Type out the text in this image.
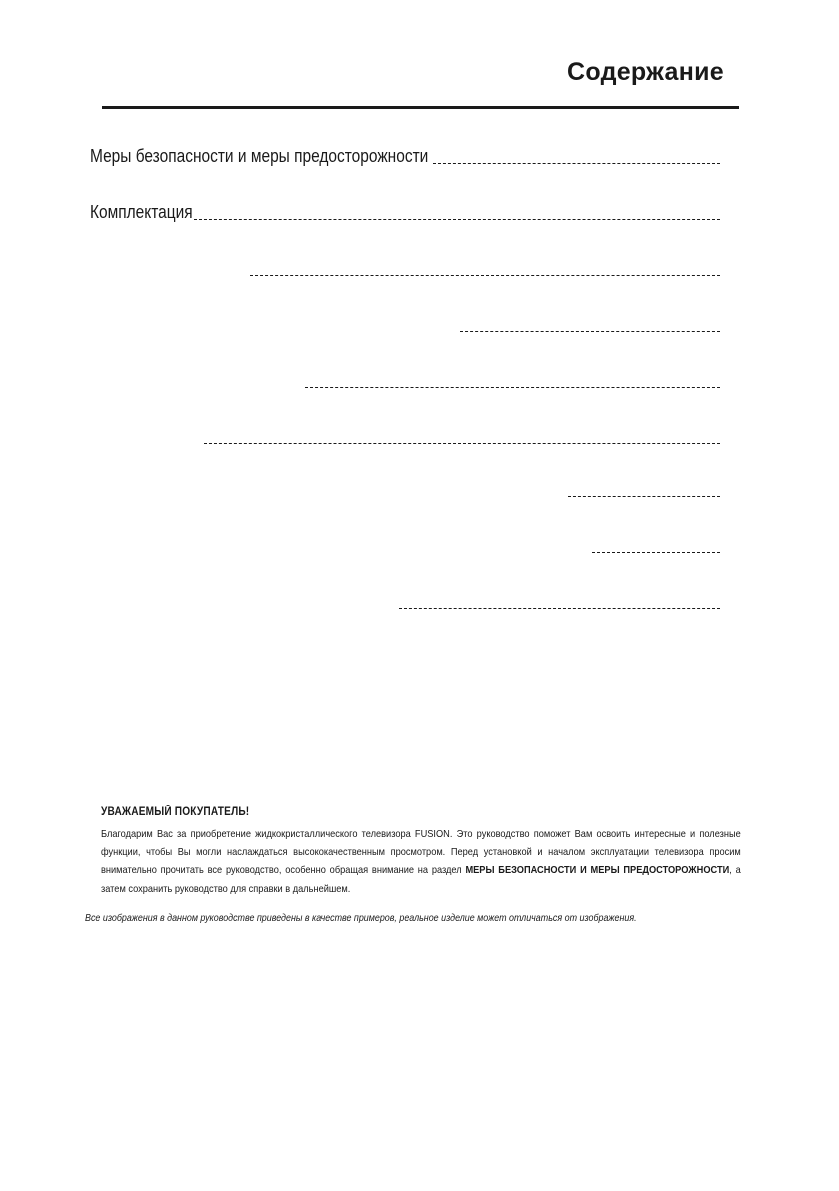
Содержание
Меры безопасности и меры предосторожности
Комплектация

УВАЖАЕМЫЙ ПОКУПАТЕЛЬ!

Благодарим Вас за приобретение жидкокристаллического телевизора FUSION. Это руководство поможет Вам освоить интересные и полезные функции, чтобы Вы могли наслаждаться высококачественным просмотром. Перед установкой и началом эксплуатации телевизора просим внимательно прочитать все руководство, особенно обращая внимание на раздел МЕРЫ БЕЗОПАСНОСТИ И МЕРЫ ПРЕДОСТОРОЖНОСТИ, а затем сохранить руководство для справки в дальнейшем.

Все изображения в данном руководстве приведены в качестве примеров, реальное изделие может отличаться от изображения.
